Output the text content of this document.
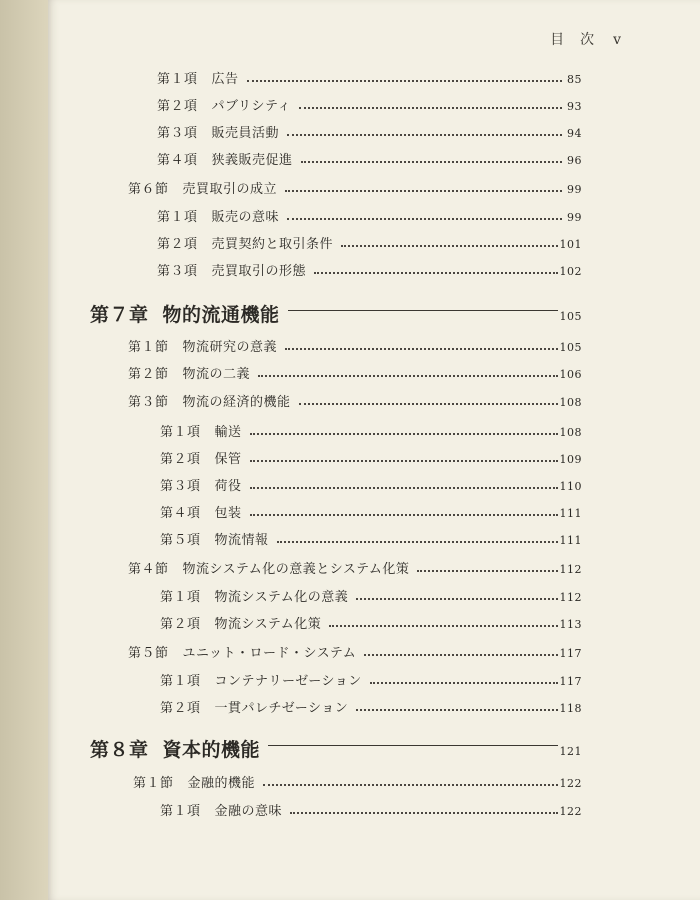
目　次 v
第１項 広告	85
第２項 パブリシティ	93
第３項 販売員活動	94
第４項 狭義販売促進	96
第６節 売買取引の成立	99
第１項 販売の意味	99
第２項 売買契約と取引条件	101
第３項 売買取引の形態	102
第７章 物的流通機能	105
第１節 物流研究の意義	105
第２節 物流の二義	106
第３節 物流の経済的機能	108
第１項 輸送	108
第２項 保管	109
第３項 荷役	110
第４項 包装	111
第５項 物流情報	111
第４節 物流システム化の意義とシステム化策	112
第１項 物流システム化の意義	112
第２項 物流システム化策	113
第５節 ユニット・ロード・システム	117
第１項 コンテナリーゼーション	117
第２項 一貫パレチゼーション	118
第８章 資本的機能	121
第１節 金融的機能	122
第１項 金融の意味	122
